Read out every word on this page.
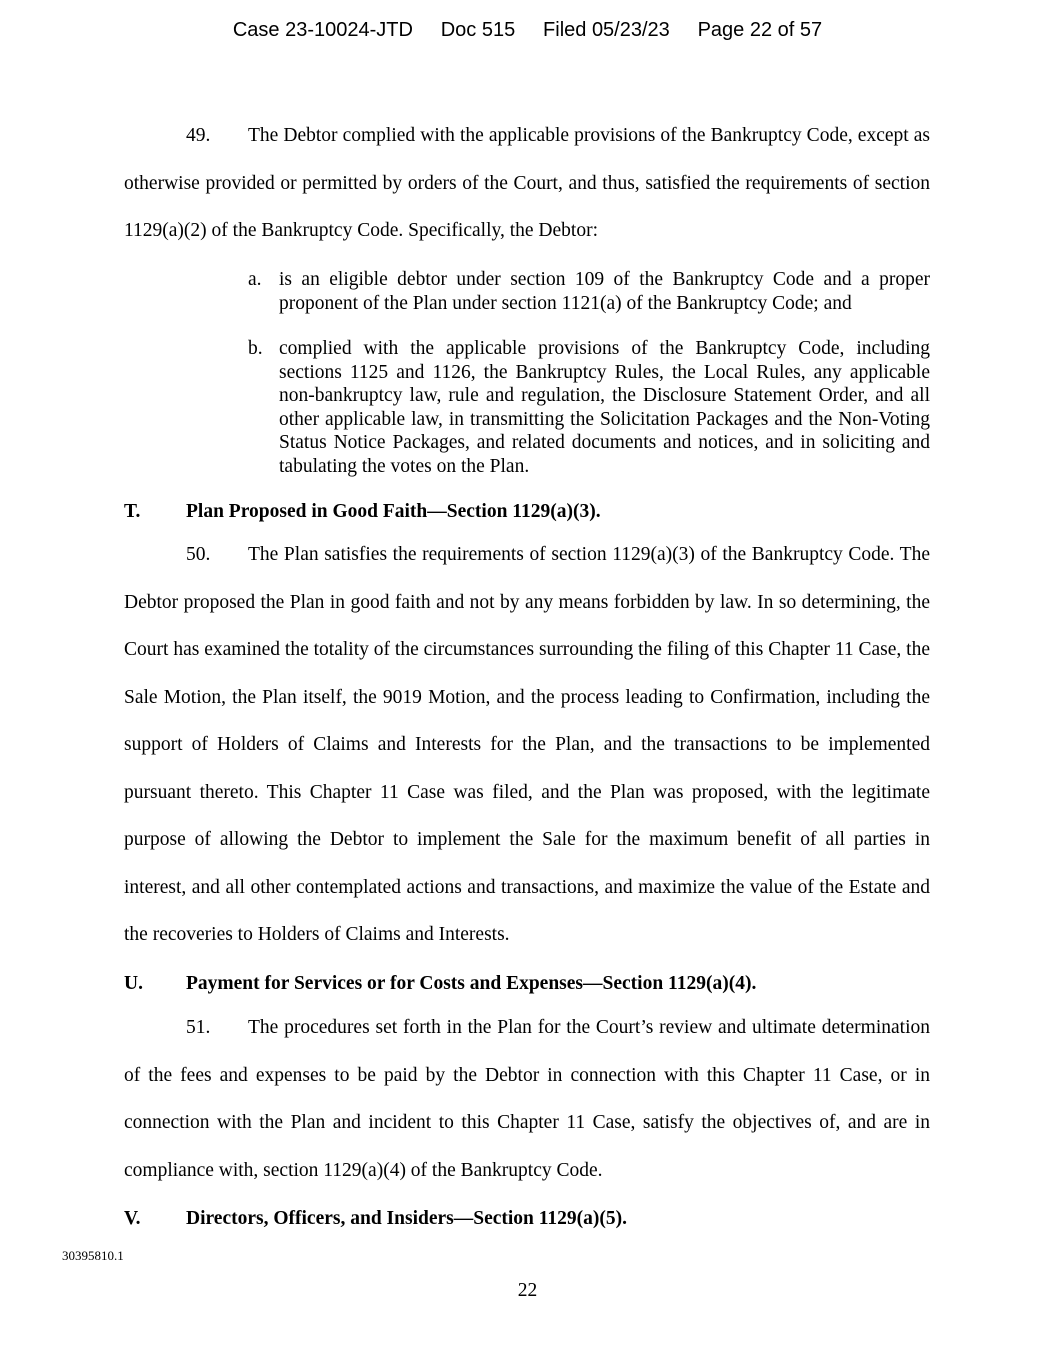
Case 23-10024-JTD Doc 515 Filed 05/23/23 Page 22 of 57

49. The Debtor complied with the applicable provisions of the Bankruptcy Code, except as otherwise provided or permitted by orders of the Court, and thus, satisfied the requirements of section 1129(a)(2) of the Bankruptcy Code. Specifically, the Debtor:

a. is an eligible debtor under section 109 of the Bankruptcy Code and a proper proponent of the Plan under section 1121(a) of the Bankruptcy Code; and
b. complied with the applicable provisions of the Bankruptcy Code, including sections 1125 and 1126, the Bankruptcy Rules, the Local Rules, any applicable non-bankruptcy law, rule and regulation, the Disclosure Statement Order, and all other applicable law, in transmitting the Solicitation Packages and the Non-Voting Status Notice Packages, and related documents and notices, and in soliciting and tabulating the votes on the Plan.
T. Plan Proposed in Good Faith—Section 1129(a)(3).

50. The Plan satisfies the requirements of section 1129(a)(3) of the Bankruptcy Code. The Debtor proposed the Plan in good faith and not by any means forbidden by law. In so determining, the Court has examined the totality of the circumstances surrounding the filing of this Chapter 11 Case, the Sale Motion, the Plan itself, the 9019 Motion, and the process leading to Confirmation, including the support of Holders of Claims and Interests for the Plan, and the transactions to be implemented pursuant thereto. This Chapter 11 Case was filed, and the Plan was proposed, with the legitimate purpose of allowing the Debtor to implement the Sale for the maximum benefit of all parties in interest, and all other contemplated actions and transactions, and maximize the value of the Estate and the recoveries to Holders of Claims and Interests.

U. Payment for Services or for Costs and Expenses—Section 1129(a)(4).

51. The procedures set forth in the Plan for the Court’s review and ultimate determination of the fees and expenses to be paid by the Debtor in connection with this Chapter 11 Case, or in connection with the Plan and incident to this Chapter 11 Case, satisfy the objectives of, and are in compliance with, section 1129(a)(4) of the Bankruptcy Code.

V. Directors, Officers, and Insiders—Section 1129(a)(5).
30395810.1
22
